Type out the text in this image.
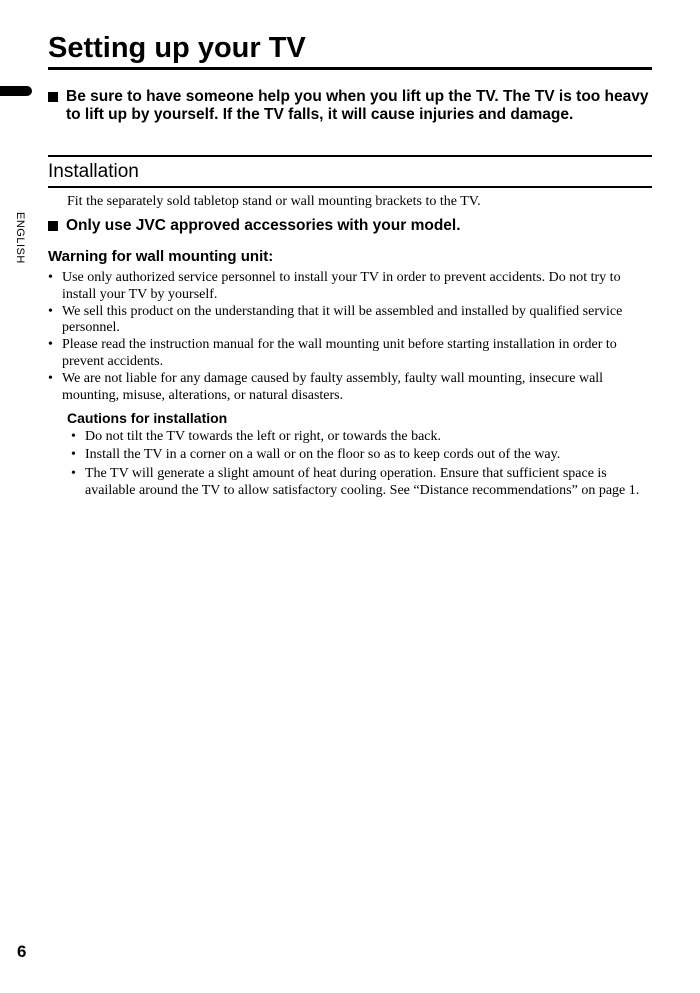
Setting up your TV
ENGLISH
Be sure to have someone help you when you lift up the TV. The TV is too heavy to lift up by yourself. If the TV falls, it will cause injuries and damage.
Installation
Fit the separately sold tabletop stand or wall mounting brackets to the TV.
Only use JVC approved accessories with your model.
Warning for wall mounting unit:
• Use only authorized service personnel to install your TV in order to prevent accidents. Do not try to install your TV by yourself.
• We sell this product on the understanding that it will be assembled and installed by qualified service personnel.
• Please read the instruction manual for the wall mounting unit before starting installation in order to prevent accidents.
• We are not liable for any damage caused by faulty assembly, faulty wall mounting, insecure wall mounting, misuse, alterations, or natural disasters.
Cautions for installation
• Do not tilt the TV towards the left or right, or towards the back.
• Install the TV in a corner on a wall or on the floor so as to keep cords out of the way.
• The TV will generate a slight amount of heat during operation. Ensure that sufficient space is available around the TV to allow satisfactory cooling. See “Distance recommendations” on page 1.
6
